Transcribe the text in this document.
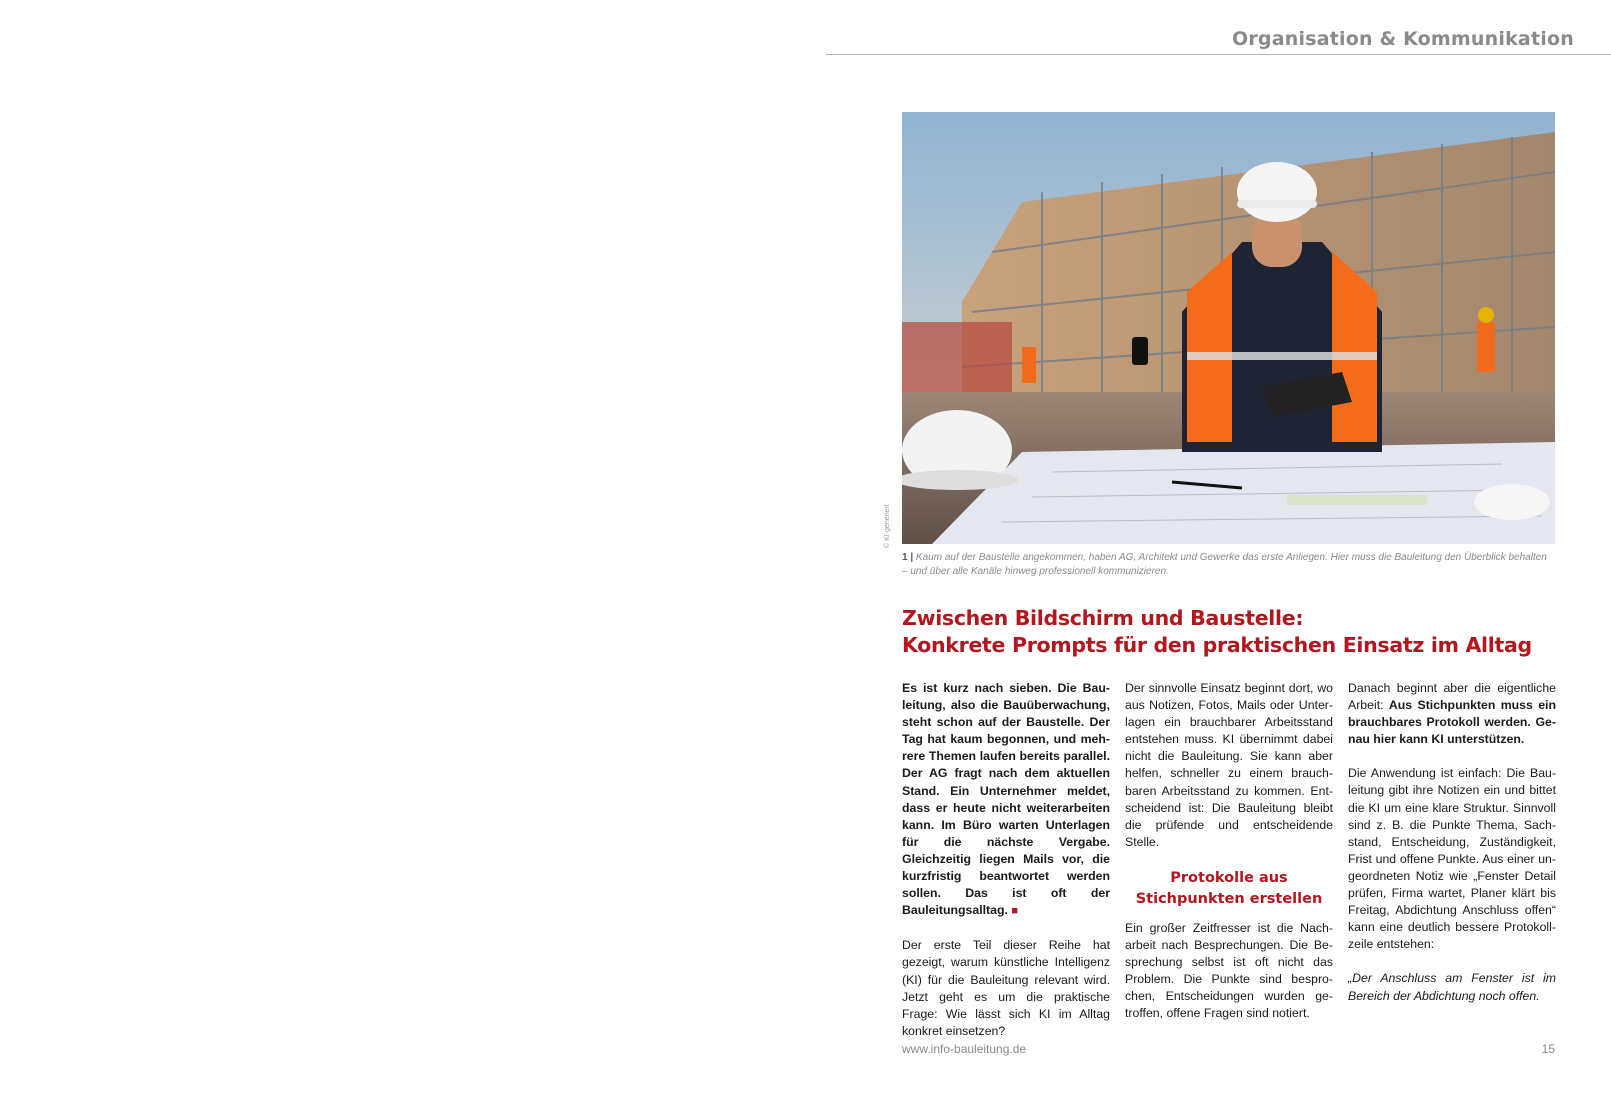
Organisation & Kommunikation
© KI-generiert
1 | Kaum auf der Baustelle angekommen, haben AG, Architekt und Gewerke das erste Anliegen. Hier muss die Bauleitung den Überblick behalten – und über alle Kanäle hinweg professionell kommunizieren.
Zwischen Bildschirm und Baustelle:
Konkrete Prompts für den praktischen Einsatz im Alltag

Es ist kurz nach sieben. Die Bauleitung, also die Bauüberwachung, steht schon auf der Baustelle. Der Tag hat kaum begonnen, und mehrere Themen laufen bereits parallel. Der AG fragt nach dem aktuellen Stand. Ein Unternehmer meldet, dass er heute nicht weiterarbeiten kann. Im Büro warten Unterlagen für die nächste Vergabe. Gleichzeitig liegen Mails vor, die kurzfristig beantwortet werden sollen. Das ist oft der Bauleitungsalltag. ■

Der erste Teil dieser Reihe hat gezeigt, warum künstliche Intelligenz (KI) für die Bauleitung relevant wird. Jetzt geht es um die praktische Frage: Wie lässt sich KI im Alltag konkret einsetzen?

Der sinnvolle Einsatz beginnt dort, wo aus Notizen, Fotos, Mails oder Unterlagen ein brauchbarer Arbeitsstand entstehen muss. KI übernimmt dabei nicht die Bauleitung. Sie kann aber helfen, schneller zu einem brauchbaren Arbeitsstand zu kommen. Entscheidend ist: Die Bauleitung bleibt die prüfende und entscheidende Stelle.

Protokolle aus Stichpunkten erstellen

Ein großer Zeitfresser ist die Nacharbeit nach Besprechungen. Die Besprechung selbst ist oft nicht das Problem. Die Punkte sind besprochen, Entscheidungen wurden getroffen, offene Fragen sind notiert.

Danach beginnt aber die eigentliche Arbeit: Aus Stichpunkten muss ein brauchbares Protokoll werden. Genau hier kann KI unterstützen.

Die Anwendung ist einfach: Die Bauleitung gibt ihre Notizen ein und bittet die KI um eine klare Struktur. Sinnvoll sind z. B. die Punkte Thema, Sachstand, Entscheidung, Zuständigkeit, Frist und offene Punkte. Aus einer ungeordneten Notiz wie „Fenster Detail prüfen, Firma wartet, Planer klärt bis Freitag, Abdichtung Anschluss offen“ kann eine deutlich bessere Protokollzeile entstehen:

„Der Anschluss am Fenster ist im Bereich der Abdichtung noch offen.

www.info-bauleitung.de	15
